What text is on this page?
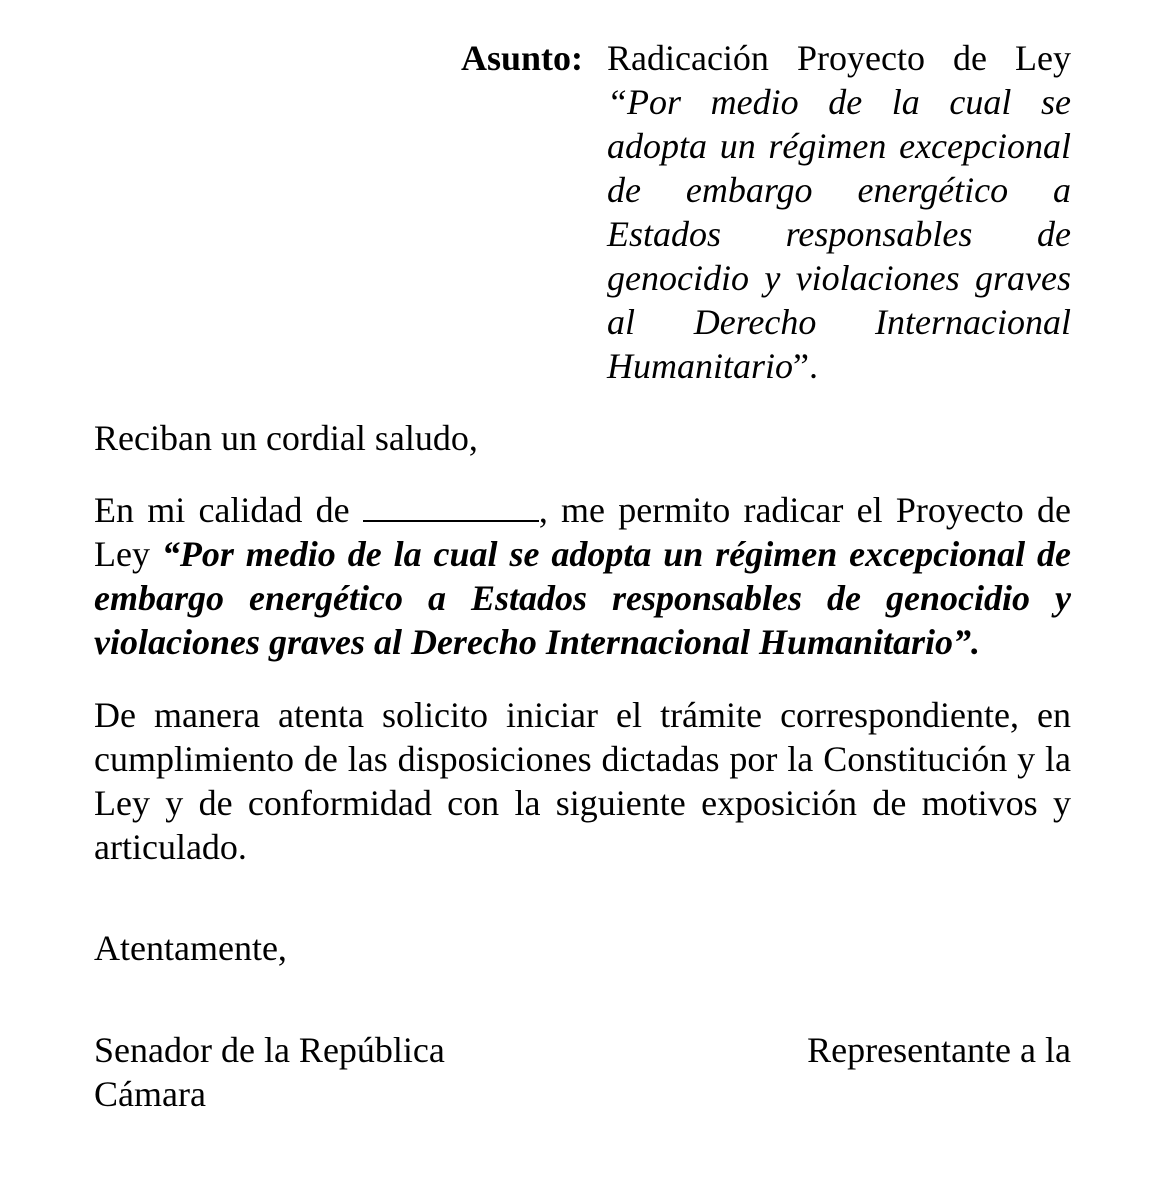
Asunto: Radicación Proyecto de Ley “Por medio de la cual se adopta un régimen excepcional de embargo energético a Estados responsables de genocidio y violaciones graves al Derecho Internacional Humanitario”.

Reciban un cordial saludo,

En mi calidad de	, me permito radicar el Proyecto de Ley “Por medio de la cual se adopta un régimen excepcional de embargo energético a Estados responsables de genocidio y violaciones graves al Derecho Internacional Humanitario”.

De manera atenta solicito iniciar el trámite correspondiente, en cumplimiento de las disposiciones dictadas por la Constitución y la Ley y de conformidad con la siguiente exposición de motivos y articulado.

Atentamente,

Senador de la República
Cámara
Representante a la
